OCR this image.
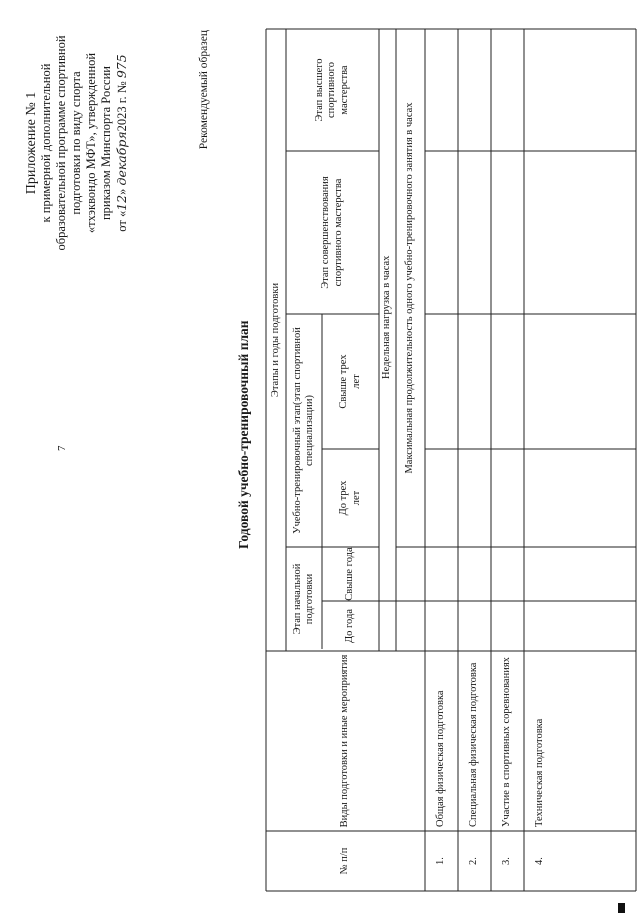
7
Приложение № 1 к примерной дополнительной образовательной программе спортивной подготовки по виду спорта «тхэквондо МФТ», утвержденной приказом Минспорта России
от «12» декабря2023 г. № 975	Рекомендуемый образец
Годовой учебно-тренировочный план
№ п/п
Виды подготовки и иные мероприятия
Этапы и годы подготовки
Этап начальной подготовки
Учебно-тренировочный этап(этап спортивной специализации)
Этап совершенствования спортивного мастерства
Этап высшего спортивного мастерства
До года
Свыше года
До трех лет
Свыше трех лет
Недельная нагрузка в часах	Максимальная продолжительность одного учебно-тренировочного занятия в часах
1.
Общая физическая подготовка
2.
Специальная физическая подготовка
3.
Участие в спортивных соревнованиях
4.
Техническая подготовка
